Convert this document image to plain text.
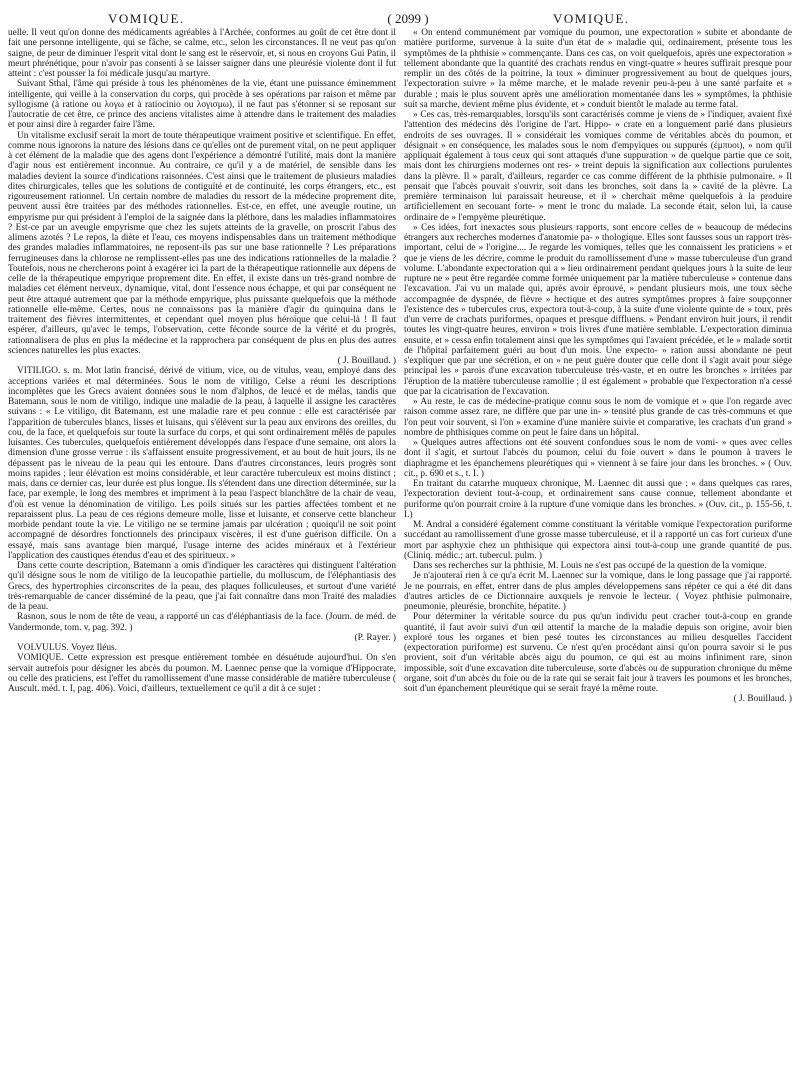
VOMIQUE.	( 2099 )	VOMIQUE.

uelle. Il veut qu'on donne des médicaments agréables à l'Archée, conformes au goût de cet être dont il fait une personne intelligente, qui se fâche, se calme, etc., selon les circonstances. Il ne veut pas qu'on saigne, de peur de diminuer l'esprit vital dont le sang est le réservoir, et, si nous en croyons Gui Patin, il meurt phrénétique, pour n'avoir pas consenti à se laisser saigner dans une pleurésie violente dont il fut atteint : c'est pousser la foi médicale jusqu'au martyre.

Suivant Sthal, l'âme qui préside à tous les phénomènes de la vie, étant une puissance éminemment intelligente, qui veille à la conservation du corps, qui procède à ses opérations par raison et même par syllogisme (à ratione ou λογω et à ratiocinio ou λογισμω), il ne faut pas s'étonner si se reposant sur l'autocratie de cet être, ce prince des anciens vitalistes aime à attendre dans le traitement des maladies et pour ainsi dire à regarder faire l'âme.

Un vitalisme exclusif serait la mort de toute thérapeutique vraiment positive et scientifique. En effet, comme nous ignorons la nature des lésions dans ce qu'elles ont de purement vital, on ne peut appliquer à cet élément de la maladie que des agens dont l'expérience a démontré l'utilité, mais dont la manière d'agir nous est entièrement inconnue. Au contraire, ce qu'il y a de matériel, de sensible dans les maladies devient la source d'indications raisonnées. C'est ainsi que le traitement de plusieurs maladies dites chirurgicales, telles que les solutions de contiguïté et de continuité, les corps étrangers, etc., est rigoureusement rationnel. Un certain nombre de maladies du ressort de la médecine proprement dite, peuvent aussi être traitées par des méthodes rationnelles. Est-ce, en effet, une aveugle routine, un empyrisme pur qui président à l'emploi de la saignée dans la pléthore, dans les maladies inflammatoires ? Est-ce par un aveugle empyrisme que chez les sujets atteints de la gravelle, on proscrit l'abus des alimens azotés ? Le repos, la diète et l'eau, ces moyens indispensables dans un traitement méthodique des grandes maladies inflammatoires, ne reposent-ils pas sur une base rationnelle ? Les préparations ferrugineuses dans la chlorose ne remplissent-elles pas une des indications rationnelles de la maladie ? Toutefois, nous ne chercherons point à exagérer ici la part de la thérapeutique rationnelle aux dépens de celle de la thérapeutique empyrique proprement dite. En effet, il existe dans un très-grand nombre de maladies cet élément nerveux, dynamique, vital, dont l'essence nous échappe, et qui par conséquent ne peut être attaqué autrement que par la méthode empyrique, plus puissante quelquefois que la méthode rationnelle elle-même. Certes, nous ne connaissons pas la manière d'agir du quinquina dans le traitement des fièvres intermittentes, et cependant quel moyen plus héroïque que celui-là ! Il faut espérer, d'ailleurs, qu'avec le temps, l'observation, cette féconde source de la vérité et du progrès, rationnalisera de plus en plus la médecine et la rapprochera par conséquent de plus en plus des autres sciences naturelles les plus exactes.

( J. Bouillaud. )

VITILIGO. s. m. Mot latin francisé, dérivé de vitium, vice, ou de vitulus, veau, employé dans des acceptions variées et mal déterminées. Sous le nom de vitiligo, Celse a réuni les descriptions incomplètes que les Grecs avaient données sous le nom d'alphos, de leucé et de mélas, tandis que Batemann, sous le nom de vitiligo, indique une maladie de la peau, à laquelle il assigne les caractères suivans : « Le vitiligo, dit Batemann, est une maladie rare et peu connue : elle est caractérisée par l'apparition de tubercules blancs, lisses et luisans, qui s'élèvent sur la peau aux environs des oreilles, du cou, de la face, et quelquefois sur toute la surface du corps, et qui sont ordinairement mêlés de papules luisantes. Ces tubercules, quelquefois entièrement développés dans l'espace d'une semaine, ont alors la dimension d'une grosse verrue : ils s'affaissent ensuite progressivement, et au bout de huit jours, ils ne dépassent pas le niveau de la peau qui les entoure. Dans d'autres circonstances, leurs progrès sont moins rapides ; leur élévation est moins considérable, et leur caractère tuberculeux est moins distinct ; mais, dans ce dernier cas, leur durée est plus longue. Ils s'étendent dans une direction déterminée, sur la face, par exemple, le long des membres et impriment à la peau l'aspect blanchâtre de la chair de veau, d'où est venue la dénomination de vitiligo. Les poils situés sur les parties affectées tombent et ne reparaissent plus. La peau de ces régions demeure molle, lisse et luisante, et conserve cette blancheur morbide pendant toute la vie. Le vitiligo ne se termine jamais par ulcération ; quoiqu'il ne soit point accompagné de désordres fonctionnels des principaux viscères, il est d'une guérison difficile. On a essayé, mais sans avantage bien marqué, l'usage interne des acides minéraux et à l'extérieur l'application des caustiques étendus d'eau et des spiritueux. »

Dans cette courte description, Batemann a omis d'indiquer les caractères qui distinguent l'altération qu'il désigne sous le nom de vitiligo de la leucopathie partielle, du molluscum, de l'éléphantiasis des Grecs, des hypertrophies circonscrites de la peau, des plaques folliculeuses, et surtout d'une variété très-remarquable de cancer disséminé de la peau, que j'ai fait connaître dans mon Traité des maladies de la peau.

Rasnon, sous le nom de tête de veau, a rapporté un cas d'éléphantiasis de la face. (Journ. de méd. de Vandermonde, tom. v, pag. 392. )

(P. Rayer. )

VOLVULUS. Voyez Iléus.

VOMIQUE. Cette expression est presque entièrement tombée en désuétude aujourd'hui. On s'en servait autrefois pour désigner les abcès du poumon. M. Laennec pense que la vomique d'Hippocrate, ou celle des praticiens, est l'effet du ramollissement d'une masse considérable de matière tuberculeuse ( Auscult. méd. t. I, pag. 406). Voici, d'ailleurs, textuellement ce qu'il a dit à ce sujet :

« On entend communément par vomique du poumon, une expectoration » subite et abondante de matière puriforme, survenue à la suite d'un état de » maladie qui, ordinairement, présente tous les symptômes de la phthisie » commençante. Dans ces cas, on voit quelquefois, après une expectoration » tellement abondante que la quantité des crachats rendus en vingt-quatre » heures suffirait presque pour remplir un des côtés de la poitrine, la toux » diminuer progressivement au bout de quelques jours, l'expectoration suivre » la même marche, et le malade revenir peu-à-peu à une santé parfaite et » durable ; mais le plus souvent après une amélioration momentanée dans les » symptômes, la phthisie suit sa marche, devient même plus évidente, et » conduit bientôt le malade au terme fatal.

» Ces cas, très-remarquables, lorsqu'ils sont caractérisés comme je viens de » l'indiquer, avaient fixé l'attention des médecins dès l'origine de l'art. Hippo- » crate en a longuement parlé dans plusieurs endroits de ses ouvrages. Il » considérait les vomiques comme de véritables abcès du poumon, et désignait » en conséquence, les malades sous le nom d'empyiques ou suppurés (έμπυοι), » nom qu'il appliquait également à tous ceux qui sont attaqués d'une suppuration » de quelque partie que ce soit, mais dont les chirurgiens modernes ont res- » treint depuis la signification aux collections purulentes dans la plèvre. Il » paraît, d'ailleurs, regarder ce cas comme différent de la phthisie pulmonaire. » Il pensait que l'abcès pouvait s'ouvrir, soit dans les bronches, soit dans la » cavité de la plèvre. La première terminaison lui paraissait heureuse, et il » cherchait même quelquefois à la produire artificiellement en secouant forte- » ment le tronc du malade. La seconde était, selon lui, la cause ordinaire de » l'empyème pleurétique.

» Ces idées, fort inexactes sous plusieurs rapports, sont encore celles de » beaucoup de médecins étrangers aux recherches modernes d'anatomie pa- » thologique. Elles sont fausses sous un rapport très-important, celui de » l'origine.... Je regarde les vomiques, telles que les connaissent les praticiens » et que je viens de les décrire, comme le produit du ramollissement d'une » masse tuberculeuse d'un grand volume. L'abondante expectoration qui a » lieu ordinairement pendant quelques jours à la suite de leur rupture ne » peut être regardée comme formée uniquement par la matière tuberculeuse » contenue dans l'excavation. J'ai vu un malade qui, après avoir éprouvé, » pendant plusieurs mois, une toux sèche accompagnée de dyspnée, de fièvre » hectique et des autres symptômes propres à faire soupçonner l'existence des » tubercules crus, expectora tout-à-coup, à la suite d'une violente quinte de » toux, près d'un verre de crachats puriformes, opaques et presque diffluens. » Pendant environ huit jours, il rendit toutes les vingt-quatre heures, environ » trois livres d'une matière semblable. L'expectoration diminua ensuite, et » cessa enfin totalement ainsi que les symptômes qui l'avaient précédée, et le » malade sortit de l'hôpital parfaitement guéri au bout d'un mois. Une expecto- » ration aussi abondante ne peut s'expliquer que par une sécrétion, et on » ne peut guère douter que celle dont il s'agit avait pour siège principal les » parois d'une excavation tuberculeuse très-vaste, et en outre les bronches » irritées par l'éruption de la matière tuberculeuse ramollie ; il est également » probable que l'expectoration n'a cessé que par la cicatrisation de l'excavation.

» Au reste, le cas de médecine-pratique connu sous le nom de vomique et » que l'on regarde avec raison comme assez rare, ne diffère que par une in- » tensité plus grande de cas très-communs et que l'on peut voir souvent, si l'on » examine d'une manière suivie et comparative, les crachats d'un grand » nombre de phthisiques comme on peut le faire dans un hôpital.

» Quelques autres affections ont été souvent confondues sous le nom de vomi- » ques avec celles dont il s'agit, et surtout l'abcès du poumon, celui du foie ouvert » dans le poumon à travers le diaphragme et les épanchemens pleurétiques qui » viennent à se faire jour dans les bronches. » ( Ouv. cit., p. 690 et s., t. I. )

En traitant du catarrhe muqueux chronique, M. Laennec dit aussi que : « dans quelques cas rares, l'expectoration devient tout-à-coup, et ordinairement sans cause connue, tellement abondante et puriforme qu'on pourrait croire à la rupture d'une vomique dans les bronches. » (Ouv. cit., p. 155-56, t. I.)

M. Andral a considéré également comme constituant la véritable vomique l'expectoration puriforme succédant au ramollissement d'une grosse masse tuberculeuse, et il a rapporté un cas fort curieux d'une mort par asphyxie chez un phthisique qui expectora ainsi tout-à-coup une grande quantité de pus. (Cliniq. médic.; art. tubercul. pulm. )

Dans ses recherches sur la phthisie, M. Louis ne s'est pas occupé de la question de la vomique.

Je n'ajouterai rien à ce qu'a écrit M. Laennec sur la vomique, dans le long passage que j'ai rapporté. Je ne pourrais, en effet, entrer dans de plus amples développemens sans répéter ce qui a été dit dans d'autres articles de ce Dictionnaire auxquels je renvoie le lecteur. ( Voyez phthisie pulmonaire, pneumonie, pleurésie, bronchite, hépatite. )

Pour déterminer la véritable source du pus qu'un individu peut cracher tout-à-coup en grande quantité, il faut avoir suivi d'un œil attentif la marche de la maladie depuis son origine, avoir bien exploré tous les organes et bien pesé toutes les circonstances au milieu desquelles l'accident (expectoration puriforme) est survenu. Ce n'est qu'en procédant ainsi qu'on pourra savoir si le pus provient, soit d'un véritable abcès aigu du poumon, ce qui est au moins infiniment rare, sinon impossible, soit d'une excavation dite tuberculeuse, sorte d'abcès ou de suppuration chronique du même organe, soit d'un abcès du foie ou de la rate qui se serait fait jour à travers les poumons et les bronches, soit d'un épanchement pleurétique qui se serait frayé la même route.

( J. Bouillaud. )
